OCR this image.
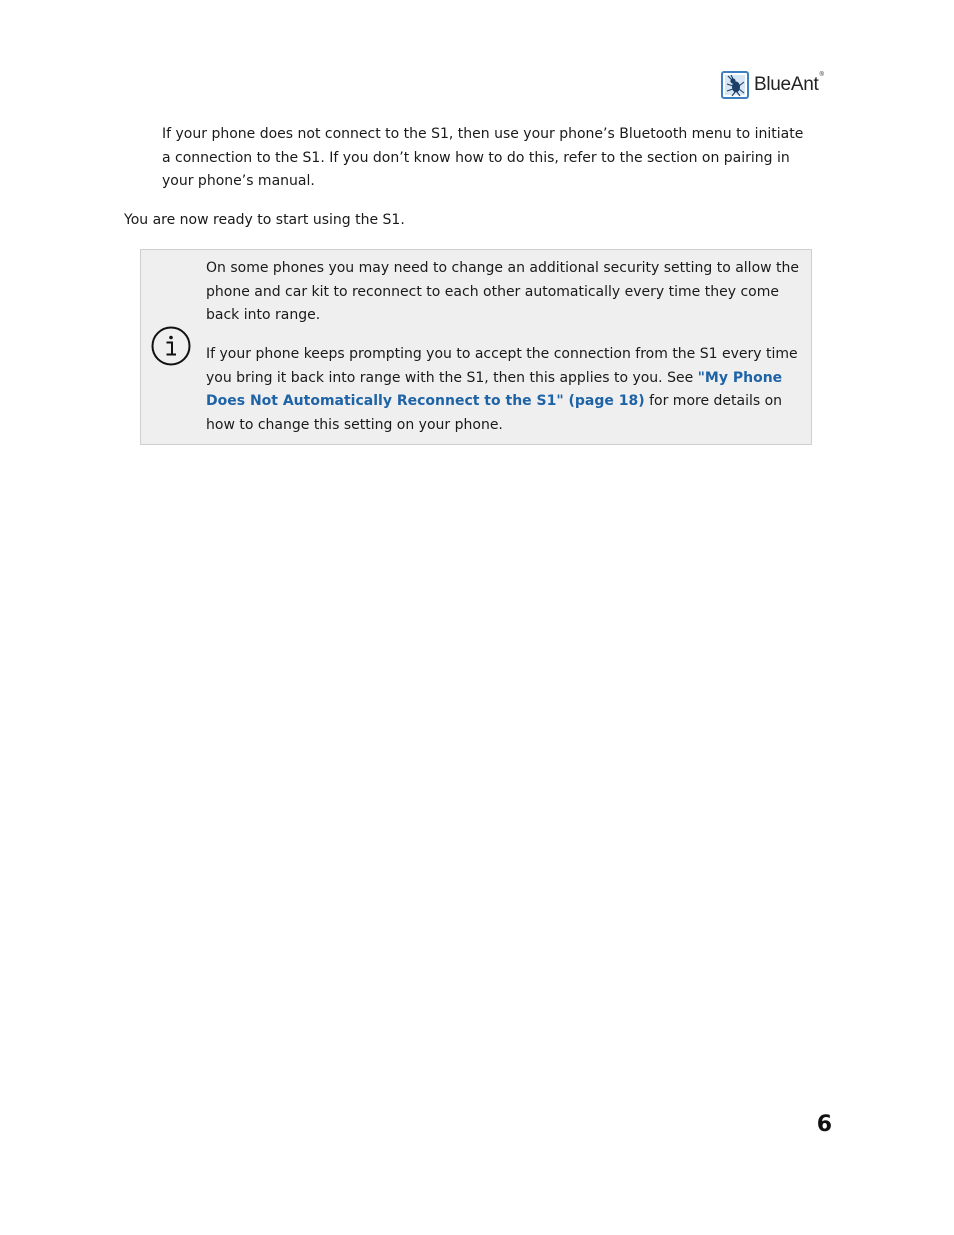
BlueAnt®

If your phone does not connect to the S1, then use your phone’s Bluetooth menu to initiate a connection to the S1. If you don’t know how to do this, refer to the section on pairing in your phone’s manual.

You are now ready to start using the S1.

On some phones you may need to change an additional security setting to allow the phone and car kit to reconnect to each other automatically every time they come back into range.

If your phone keeps prompting you to accept the connection from the S1 every time you bring it back into range with the S1, then this applies to you. See "My Phone Does Not Automatically Reconnect to the S1" (page 18) for more details on how to change this setting on your phone.

6
